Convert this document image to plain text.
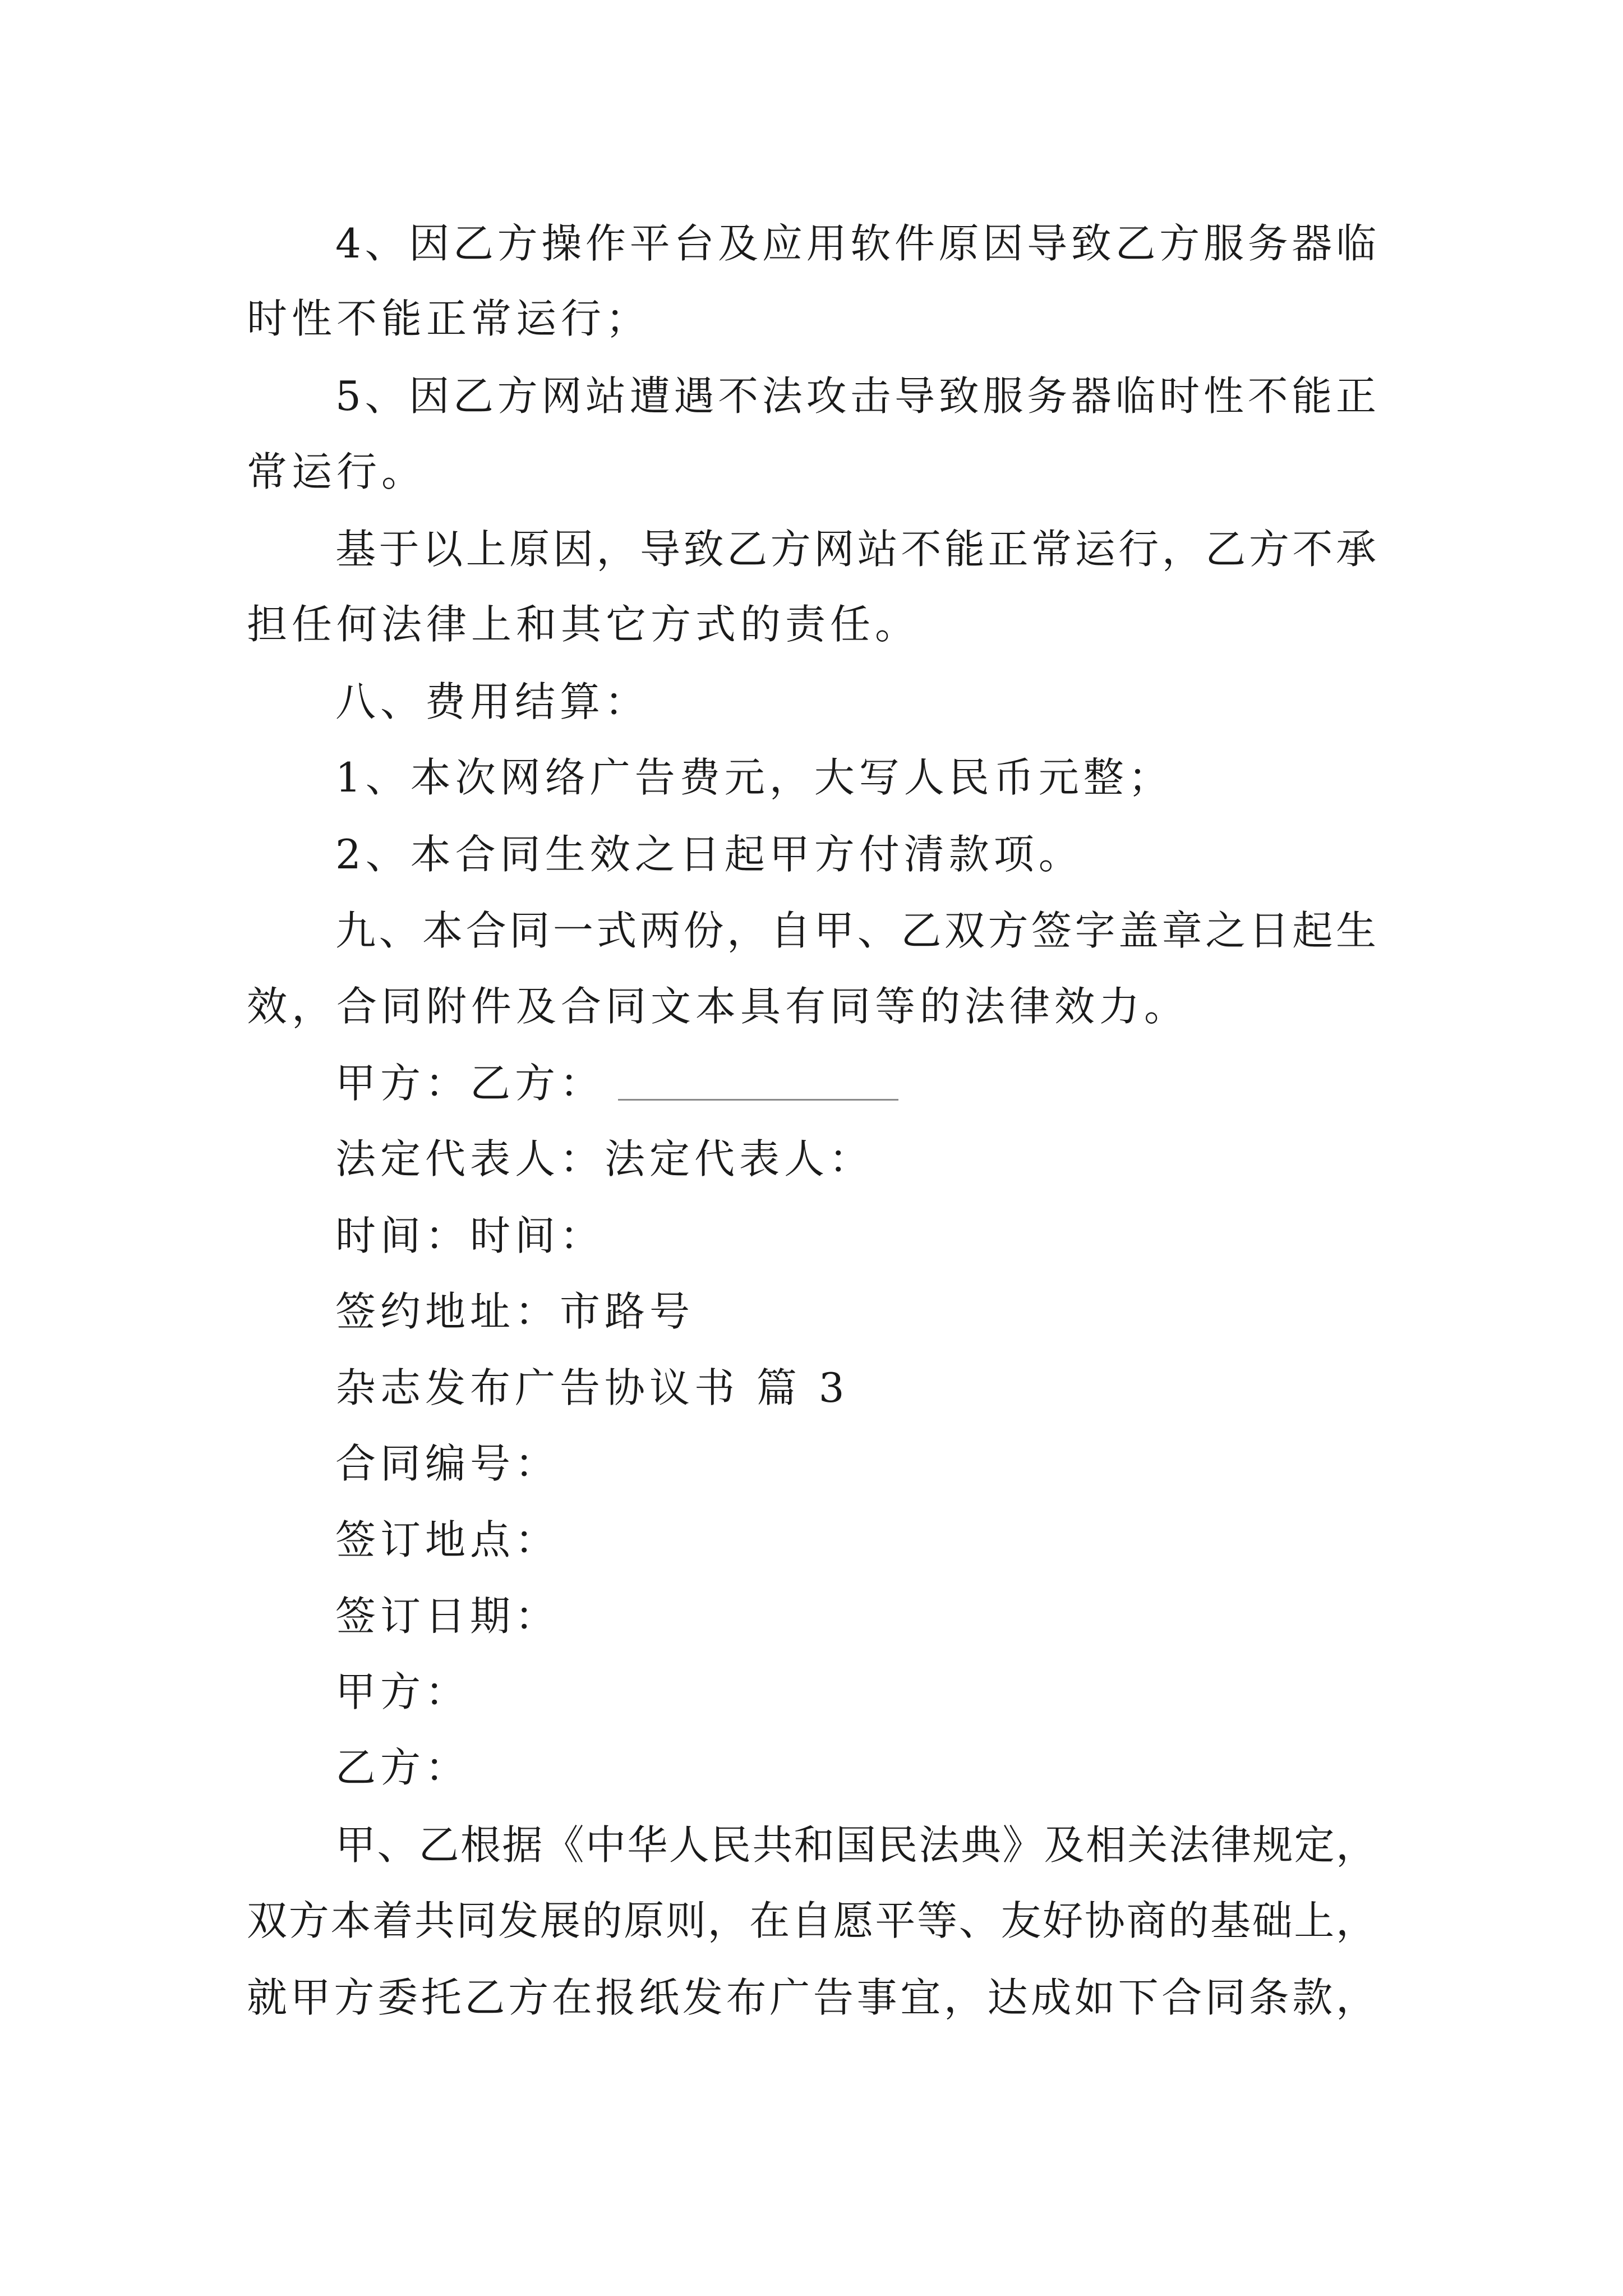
4、因乙方操作平台及应用软件原因导致乙方服务器临
时性不能正常运行；
5、因乙方网站遭遇不法攻击导致服务器临时性不能正
常运行。
基于以上原因，导致乙方网站不能正常运行，乙方不承
担任何法律上和其它方式的责任。
八、费用结算：
1、本次网络广告费元，大写人民币元整；
2、本合同生效之日起甲方付清款项。
九、本合同一式两份，自甲、乙双方签字盖章之日起生
效，合同附件及合同文本具有同等的法律效力。
甲方：乙方：
法定代表人：法定代表人：
时间：时间：
签约地址：市路号
杂志发布广告协议书 篇 3
合同编号：
签订地点：
签订日期：
甲方：
乙方：
甲、乙根据《中华人民共和国民法典》及相关法律规定，
双方本着共同发展的原则，在自愿平等、友好协商的基础上，
就甲方委托乙方在报纸发布广告事宜，达成如下合同条款，
